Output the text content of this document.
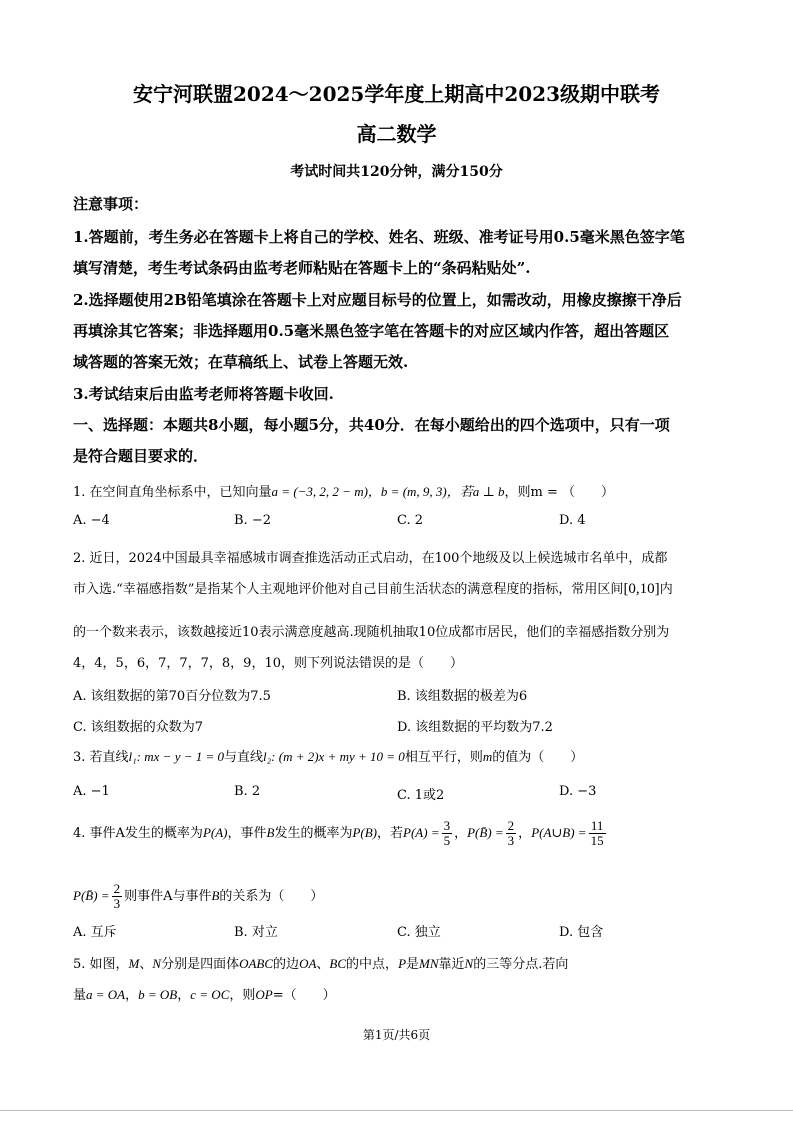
安宁河联盟2024～2025学年度上期高中2023级期中联考
高二数学
考试时间共120分钟，满分150分
注意事项：
1.答题前，考生务必在答题卡上将自己的学校、姓名、班级、准考证号用0.5毫米黑色签字笔
填写清楚，考生考试条码由监考老师粘贴在答题卡上的“条码粘贴处”.
2.选择题使用2B铅笔填涂在答题卡上对应题目标号的位置上，如需改动，用橡皮擦擦干净后
再填涂其它答案；非选择题用0.5毫米黑色签字笔在答题卡的对应区域内作答，超出答题区
域答题的答案无效；在草稿纸上、试卷上答题无效.
3.考试结束后由监考老师将答题卡收回.
一、选择题：本题共8小题，每小题5分，共40分．在每小题给出的四个选项中，只有一项
是符合题目要求的．
1. 在空间直角坐标系中，已知向量a = (−3, 2, 2 − m)，b = (m, 9, 3)，若a ⊥ b，则m = （　　）
A. −4	B. −2	C. 2	D. 4
2. 近日，2024中国最具幸福感城市调查推选活动正式启动，在100个地级及以上候选城市名单中，成都
市入选.“幸福感指数”是指某个人主观地评价他对自己目前生活状态的满意程度的指标，常用区间[0,10]内
的一个数来表示，该数越接近10表示满意度越高.现随机抽取10位成都市居民，他们的幸福感指数分别为
4，4，5，6，7，7，7，8，9，10，则下列说法错误的是（　　）
A. 该组数据的第70百分位数为7.5	B. 该组数据的极差为6
C. 该组数据的众数为7	D. 该组数据的平均数为7.2
3. 若直线l₁: mx − y − 1 = 0与直线l₂: (m + 2)x + my + 10 = 0相互平行，则m的值为（　　）
A. −1	B. 2	C. 1或2	D. −3
4. 事件A发生的概率为P(A)，事件B发生的概率为P(B)，若$P(A) = \frac{3}{5}$ ，P(B̄) = $\frac{2}{3}$ ，P(A∪B) = $\frac{11}{15}$
P(B̄) = $\frac{2}{3}$ 则事件A与事件B的关系为（　　）
A. 互斥	B. 对立	C. 独立	D. 包含
5. 如图，M、N分别是四面体OABC的边OA、BC的中点，P是MN靠近N的三等分点.若向
量a = OA，b = OB，c = OC，则OP=（　　）
第1页/共6页
